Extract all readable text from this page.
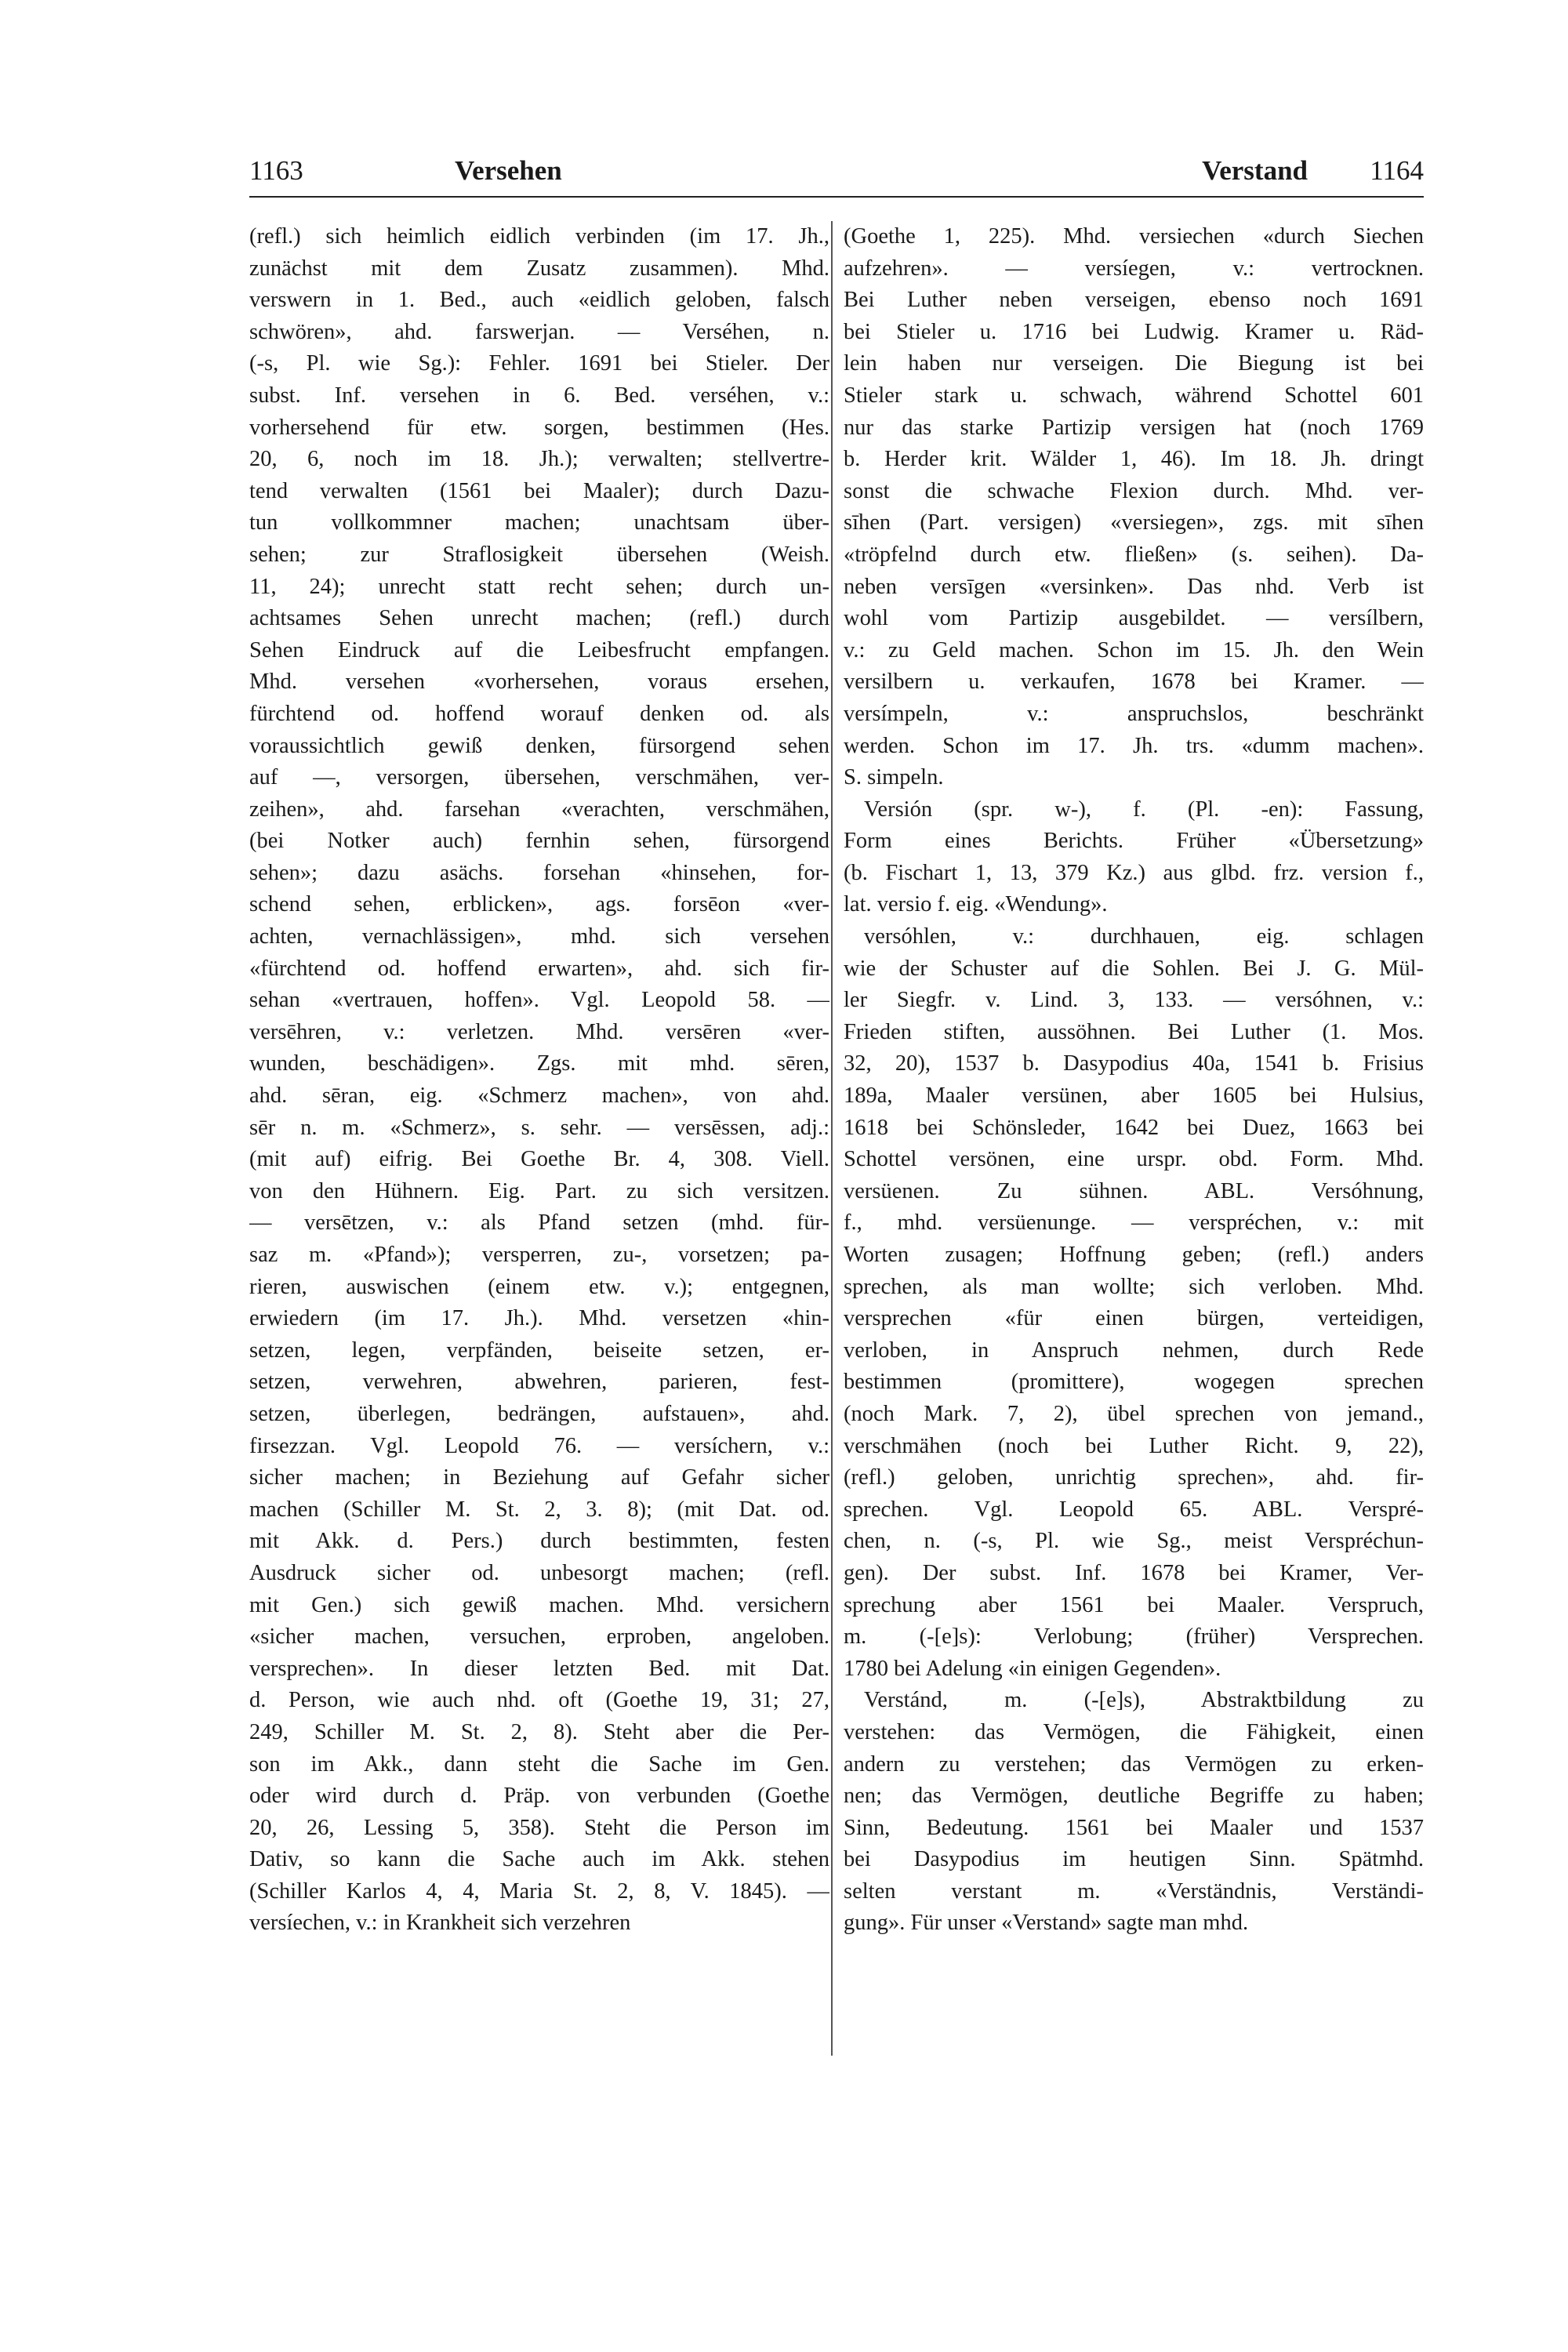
1163	Versehen	Verstand 1164
(refl.) sich heimlich eidlich verbinden (im 17. Jh.,
zunächst mit dem Zusatz zusammen). Mhd.
verswern in 1. Bed., auch «eidlich geloben, falsch
schwören», ahd. farswerjan. — Verséhen, n.
(-s, Pl. wie Sg.): Fehler. 1691 bei Stieler. Der
subst. Inf. versehen in 6. Bed. verséhen, v.:
vorhersehend für etw. sorgen, bestimmen (Hes.
20, 6, noch im 18. Jh.); verwalten; stellvertre-
tend verwalten (1561 bei Maaler); durch Dazu-
tun vollkommner machen; unachtsam über-
sehen; zur Straflosigkeit übersehen (Weish.
11, 24); unrecht statt recht sehen; durch un-
achtsames Sehen unrecht machen; (refl.) durch
Sehen Eindruck auf die Leibesfrucht empfangen.
Mhd. versehen «vorhersehen, voraus ersehen,
fürchtend od. hoffend worauf denken od. als
voraussichtlich gewiß denken, fürsorgend sehen
auf —, versorgen, übersehen, verschmähen, ver-
zeihen», ahd. farsehan «verachten, verschmähen,
(bei Notker auch) fernhin sehen, fürsorgend
sehen»; dazu asächs. forsehan «hinsehen, for-
schend sehen, erblicken», ags. forsēon «ver-
achten, vernachlässigen», mhd. sich versehen
«fürchtend od. hoffend erwarten», ahd. sich fir-
sehan «vertrauen, hoffen». Vgl. Leopold 58. —
versēhren, v.: verletzen. Mhd. versēren «ver-
wunden, beschädigen». Zgs. mit mhd. sēren,
ahd. sēran, eig. «Schmerz machen», von ahd.
sēr n. m. «Schmerz», s. sehr. — versēssen, adj.:
(mit auf) eifrig. Bei Goethe Br. 4, 308. Viell.
von den Hühnern. Eig. Part. zu sich versitzen.
— versētzen, v.: als Pfand setzen (mhd. für-
saz m. «Pfand»); versperren, zu-, vorsetzen; pa-
rieren, auswischen (einem etw. v.); entgegnen,
erwiedern (im 17. Jh.). Mhd. versetzen «hin-
setzen, legen, verpfänden, beiseite setzen, er-
setzen, verwehren, abwehren, parieren, fest-
setzen, überlegen, bedrängen, aufstauen», ahd.
firsezzan. Vgl. Leopold 76. — versíchern, v.:
sicher machen; in Beziehung auf Gefahr sicher
machen (Schiller M. St. 2, 3. 8); (mit Dat. od.
mit Akk. d. Pers.) durch bestimmten, festen
Ausdruck sicher od. unbesorgt machen; (refl.
mit Gen.) sich gewiß machen. Mhd. versichern
«sicher machen, versuchen, erproben, angeloben.
versprechen». In dieser letzten Bed. mit Dat.
d. Person, wie auch nhd. oft (Goethe 19, 31; 27,
249, Schiller M. St. 2, 8). Steht aber die Per-
son im Akk., dann steht die Sache im Gen.
oder wird durch d. Präp. von verbunden (Goethe
20, 26, Lessing 5, 358). Steht die Person im
Dativ, so kann die Sache auch im Akk. stehen
(Schiller Karlos 4, 4, Maria St. 2, 8, V. 1845). —
versíechen, v.: in Krankheit sich verzehren
(Goethe 1, 225). Mhd. versiechen «durch Siechen
aufzehren». — versíegen, v.: vertrocknen.
Bei Luther neben verseigen, ebenso noch 1691
bei Stieler u. 1716 bei Ludwig. Kramer u. Räd-
lein haben nur verseigen. Die Biegung ist bei
Stieler stark u. schwach, während Schottel 601
nur das starke Partizip versigen hat (noch 1769
b. Herder krit. Wälder 1, 46). Im 18. Jh. dringt
sonst die schwache Flexion durch. Mhd. ver-
sīhen (Part. versigen) «versiegen», zgs. mit sīhen
«tröpfelnd durch etw. fließen» (s. seihen). Da-
neben versīgen «versinken». Das nhd. Verb ist
wohl vom Partizip ausgebildet. — versílbern,
v.: zu Geld machen. Schon im 15. Jh. den Wein
versilbern u. verkaufen, 1678 bei Kramer. —
versímpeln, v.: anspruchslos, beschränkt
werden. Schon im 17. Jh. trs. «dumm machen».
S. simpeln.
Versión (spr. w-), f. (Pl. -en): Fassung,
Form eines Berichts. Früher «Übersetzung»
(b. Fischart 1, 13, 379 Kz.) aus glbd. frz. version f.,
lat. versio f. eig. «Wendung».
versóhlen, v.: durchhauen, eig. schlagen
wie der Schuster auf die Sohlen. Bei J. G. Mül-
ler Siegfr. v. Lind. 3, 133. — versóhnen, v.:
Frieden stiften, aussöhnen. Bei Luther (1. Mos.
32, 20), 1537 b. Dasypodius 40a, 1541 b. Frisius
189a, Maaler versünen, aber 1605 bei Hulsius,
1618 bei Schönsleder, 1642 bei Duez, 1663 bei
Schottel versönen, eine urspr. obd. Form. Mhd.
versüenen. Zu sühnen. ABL. Versóhnung,
f., mhd. versüenunge. — verspréchen, v.: mit
Worten zusagen; Hoffnung geben; (refl.) anders
sprechen, als man wollte; sich verloben. Mhd.
versprechen «für einen bürgen, verteidigen,
verloben, in Anspruch nehmen, durch Rede
bestimmen (promittere), wogegen sprechen
(noch Mark. 7, 2), übel sprechen von jemand.,
verschmähen (noch bei Luther Richt. 9, 22),
(refl.) geloben, unrichtig sprechen», ahd. fir-
sprechen. Vgl. Leopold 65. ABL. Verspré-
chen, n. (-s, Pl. wie Sg., meist Verspréchun-
gen). Der subst. Inf. 1678 bei Kramer, Ver-
sprechung aber 1561 bei Maaler. Verspruch,
m. (-[e]s): Verlobung; (früher) Versprechen.
1780 bei Adelung «in einigen Gegenden».
Verstánd, m. (-[e]s), Abstraktbildung zu
verstehen: das Vermögen, die Fähigkeit, einen
andern zu verstehen; das Vermögen zu erken-
nen; das Vermögen, deutliche Begriffe zu haben;
Sinn, Bedeutung. 1561 bei Maaler und 1537
bei Dasypodius im heutigen Sinn. Spätmhd.
selten verstant m. «Verständnis, Verständi-
gung». Für unser «Verstand» sagte man mhd.
